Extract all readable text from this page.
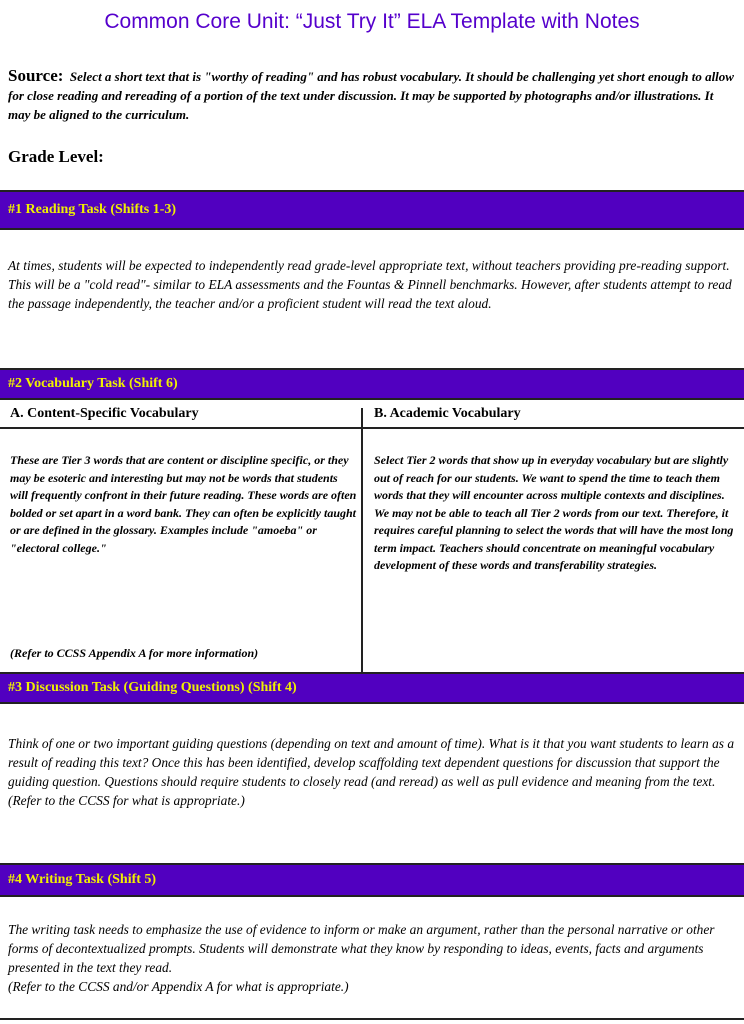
Common Core Unit: “Just Try It” ELA Template with Notes
Source: Select a short text that is "worthy of reading" and has robust vocabulary. It should be challenging yet short enough to allow for close reading and rereading of a portion of the text under discussion. It may be supported by photographs and/or illustrations. It may be aligned to the curriculum.
Grade Level:
#1 Reading Task (Shifts 1-3)
At times, students will be expected to independently read grade-level appropriate text, without teachers providing pre-reading support. This will be a "cold read"- similar to ELA assessments and the Fountas & Pinnell benchmarks. However, after students attempt to read the passage independently, the teacher and/or a proficient student will read the text aloud.
#2 Vocabulary Task (Shift 6)
A. Content-Specific Vocabulary	B. Academic Vocabulary
These are Tier 3 words that are content or discipline specific, or they may be esoteric and interesting but may not be words that students will frequently confront in their future reading. These words are often bolded or set apart in a word bank. They can often be explicitly taught or are defined in the glossary. Examples include "amoeba" or "electoral college."
(Refer to CCSS Appendix A for more information)
Select Tier 2 words that show up in everyday vocabulary but are slightly out of reach for our students. We want to spend the time to teach them words that they will encounter across multiple contexts and disciplines. We may not be able to teach all Tier 2 words from our text. Therefore, it requires careful planning to select the words that will have the most long term impact. Teachers should concentrate on meaningful vocabulary development of these words and transferability strategies.
#3 Discussion Task (Guiding Questions) (Shift 4)
Think of one or two important guiding questions (depending on text and amount of time). What is it that you want students to learn as a result of reading this text? Once this has been identified, develop scaffolding text dependent questions for discussion that support the guiding question. Questions should require students to closely read (and reread) as well as pull evidence and meaning from the text. (Refer to the CCSS for what is appropriate.)
#4 Writing Task (Shift 5)
The writing task needs to emphasize the use of evidence to inform or make an argument, rather than the personal narrative or other forms of decontextualized prompts. Students will demonstrate what they know by responding to ideas, events, facts and arguments presented in the text they read.
(Refer to the CCSS and/or Appendix A for what is appropriate.)
